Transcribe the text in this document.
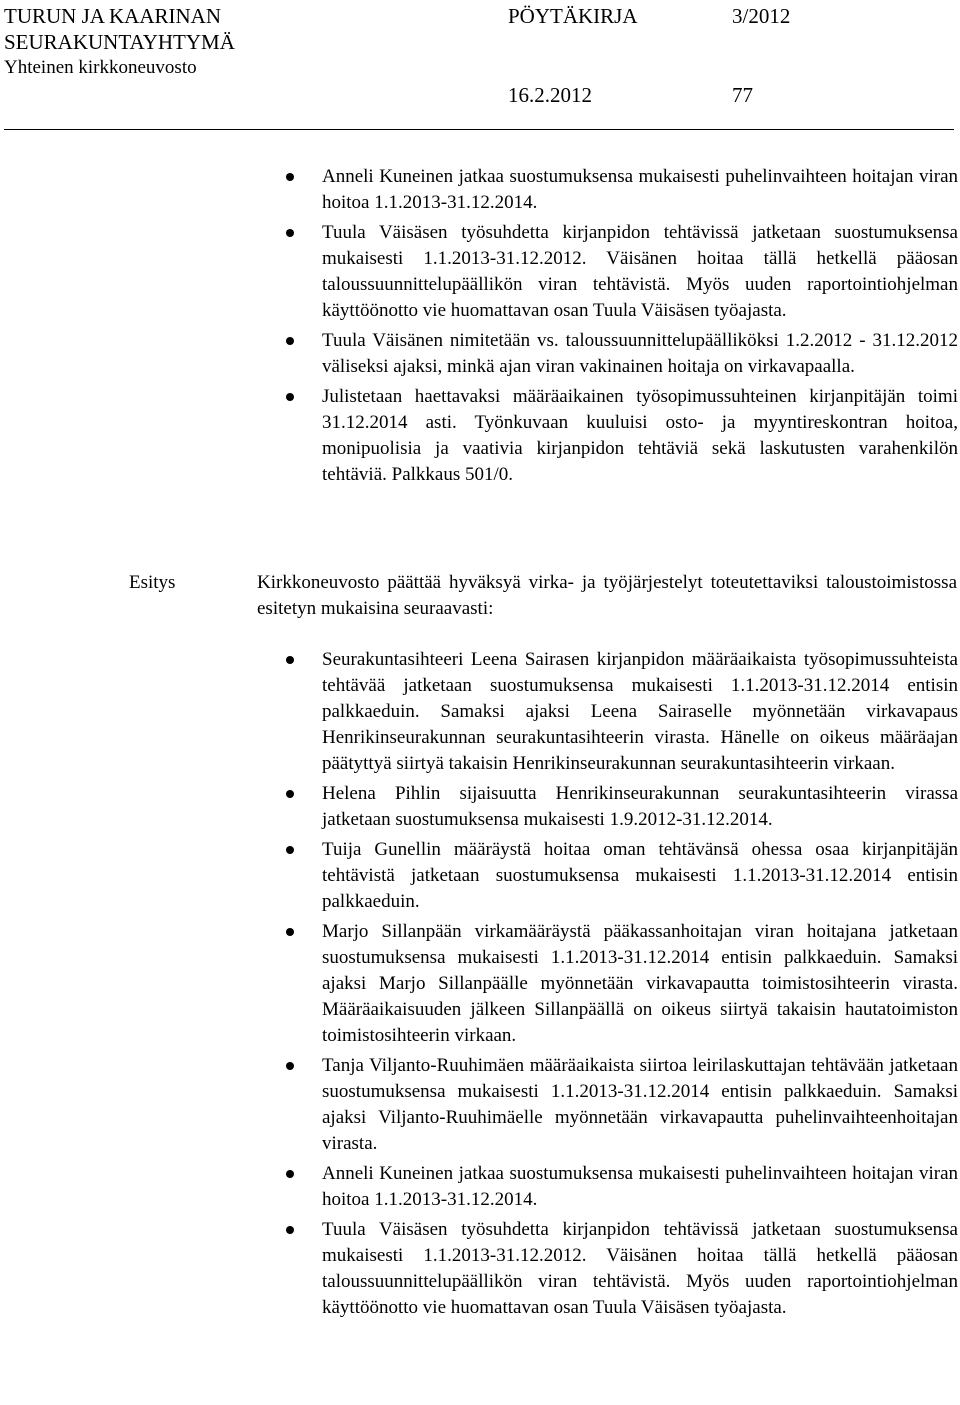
TURUN JA KAARINAN
SEURAKUNTAYHTYMÄ
Yhteinen kirkkoneuvosto
PÖYTÄKIRJA	3/2012
16.2.2012	77
Anneli Kuneinen jatkaa suostumuksensa mukaisesti puhelinvaihteen hoitajan viran hoitoa 1.1.2013-31.12.2014.
Tuula Väisäsen työsuhdetta kirjanpidon tehtävissä jatketaan suostumuksensa mukaisesti 1.1.2013-31.12.2012. Väisänen hoitaa tällä hetkellä pääosan taloussuunnittelupäällikön viran tehtävistä. Myös uuden raportointiohjelman käyttöönotto vie huomattavan osan Tuula Väisäsen työajasta.
Tuula Väisänen nimitetään vs. taloussuunnittelupäälliköksi 1.2.2012 - 31.12.2012 väliseksi ajaksi, minkä ajan viran vakinainen hoitaja on virkavapaalla.
Julistetaan haettavaksi määräaikainen työsopimussuhteinen kirjanpitäjän toimi 31.12.2014 asti. Työnkuvaan kuuluisi osto- ja myyntireskontran hoitoa, monipuolisia ja vaativia kirjanpidon tehtäviä sekä laskutusten varahenkilön tehtäviä. Palkkaus 501/0.
Esitys	Kirkkoneuvosto päättää hyväksyä virka- ja työjärjestelyt toteutettaviksi taloustoimistossa esitetyn mukaisina seuraavasti:
Seurakuntasihteeri Leena Sairasen kirjanpidon määräaikaista työsopimussuhteista tehtävää jatketaan suostumuksensa mukaisesti 1.1.2013-31.12.2014 entisin palkkaeduin. Samaksi ajaksi Leena Sairaselle myönnetään virkavapaus Henrikinseurakunnan seurakuntasihteerin virasta. Hänelle on oikeus määräajan päätyttyä siirtyä takaisin Henrikinseurakunnan seurakuntasihteerin virkaan.
Helena Pihlin sijaisuutta Henrikinseurakunnan seurakuntasihteerin virassa jatketaan suostumuksensa mukaisesti 1.9.2012-31.12.2014.
Tuija Gunellin määräystä hoitaa oman tehtävänsä ohessa osaa kirjanpitäjän tehtävistä jatketaan suostumuksensa mukaisesti 1.1.2013-31.12.2014 entisin palkkaeduin.
Marjo Sillanpään virkamääräystä pääkassanhoitajan viran hoitajana jatketaan suostumuksensa mukaisesti 1.1.2013-31.12.2014 entisin palkkaeduin. Samaksi ajaksi Marjo Sillanpäälle myönnetään virkavapautta toimistosihteerin virasta. Määräaikaisuuden jälkeen Sillanpäällä on oikeus siirtyä takaisin hautatoimiston toimistosihteerin virkaan.
Tanja Viljanto-Ruuhimäen määräaikaista siirtoa leirilaskuttajan tehtävään jatketaan suostumuksensa mukaisesti 1.1.2013-31.12.2014 entisin palkkaeduin. Samaksi ajaksi Viljanto-Ruuhimäelle myönnetään virkavapautta puhelinvaihteenhoitajan virasta.
Anneli Kuneinen jatkaa suostumuksensa mukaisesti puhelinvaihteen hoitajan viran hoitoa 1.1.2013-31.12.2014.
Tuula Väisäsen työsuhdetta kirjanpidon tehtävissä jatketaan suostumuksensa mukaisesti 1.1.2013-31.12.2012. Väisänen hoitaa tällä hetkellä pääosan taloussuunnittelupäällikön viran tehtävistä. Myös uuden raportointiohjelman käyttöönotto vie huomattavan osan Tuula Väisäsen työajasta.
